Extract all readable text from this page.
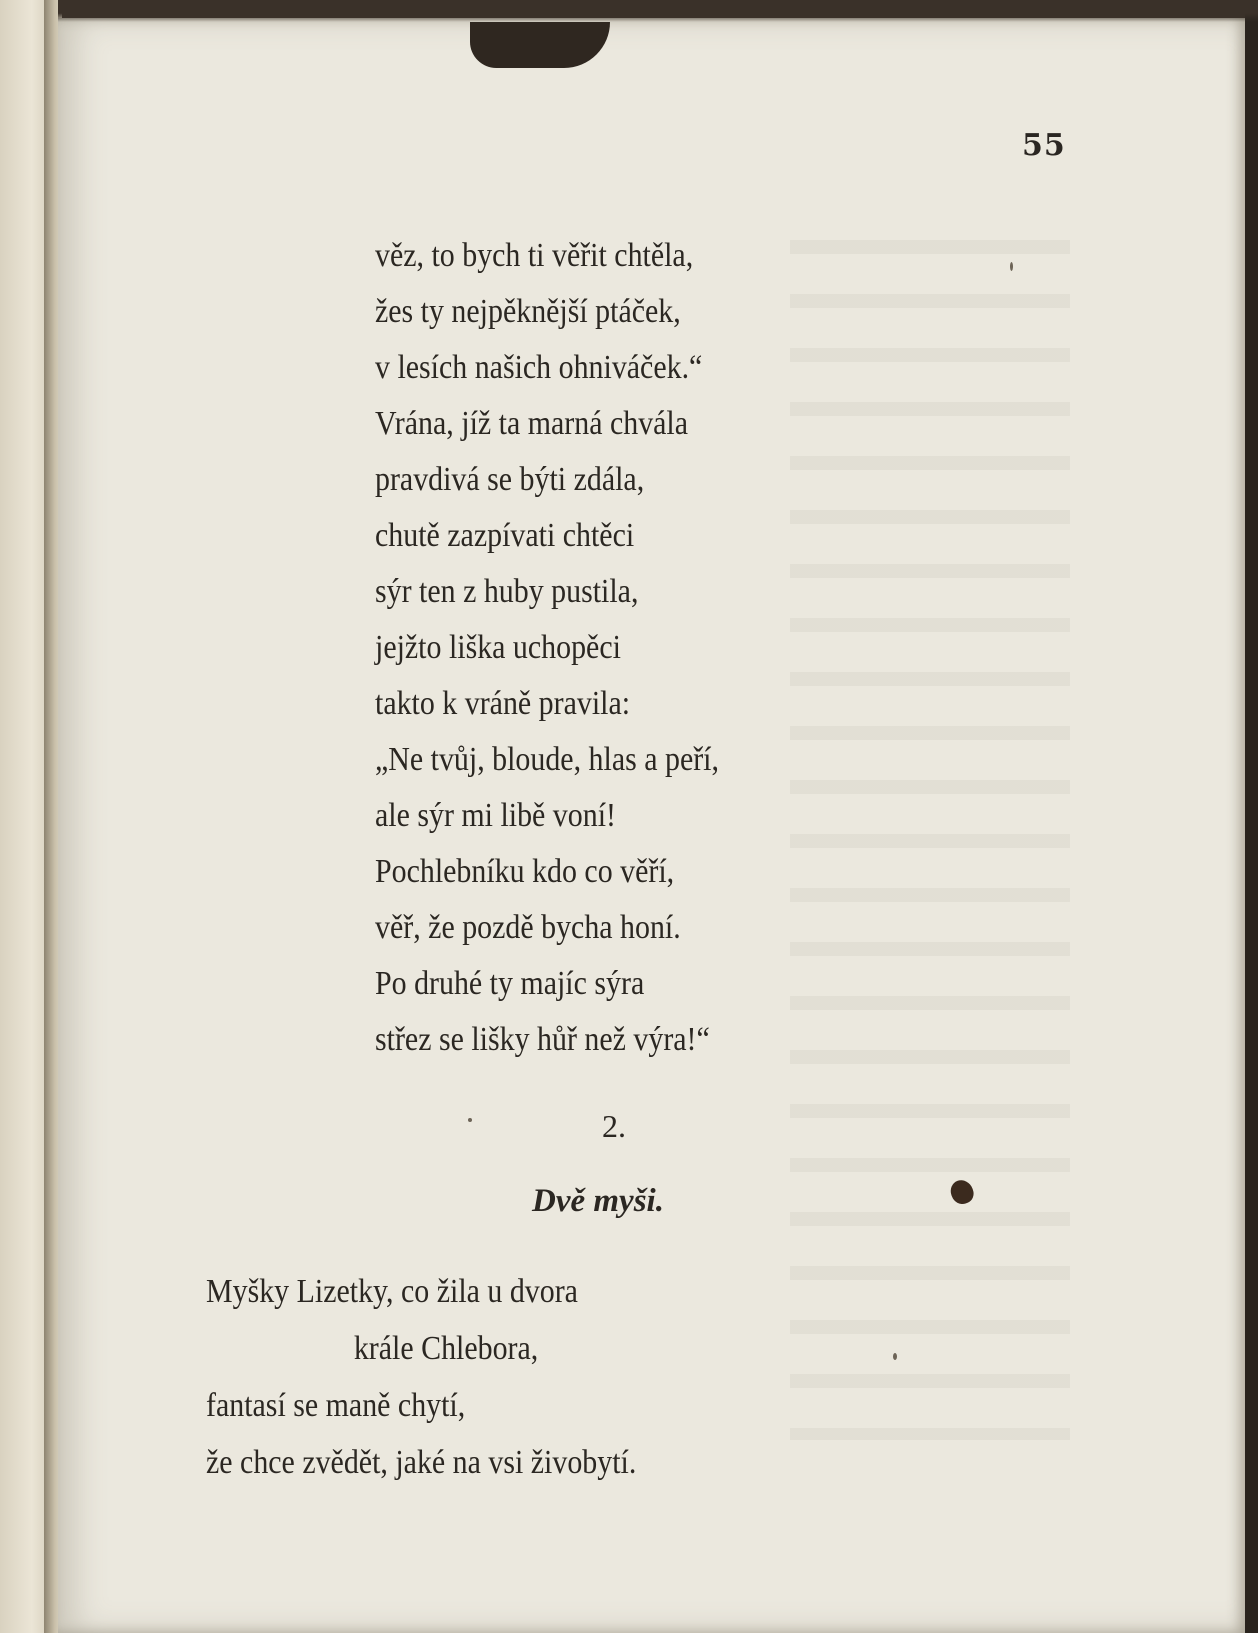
55
věz, to bych ti věřit chtěla,
žes ty nejpěknější ptáček,
v lesích našich ohniváček.“
Vrána, jíž ta marná chvála
pravdivá se býti zdála,
chutě zazpívati chtěci
sýr ten z huby pustila,
jejžto liška uchopěci
takto k vráně pravila:
„Ne tvůj, bloude, hlas a peří,
ale sýr mi libě voní!
Pochlebníku kdo co věří,
věř, že pozdě bycha honí.
Po druhé ty majíc sýra
střez se lišky hůř než výra!“
2.
Dvě myši.
Myšky Lizetky, co žila u dvora
krále Chlebora,
fantasí se maně chytí,
že chce zvědět, jaké na vsi živobytí.
